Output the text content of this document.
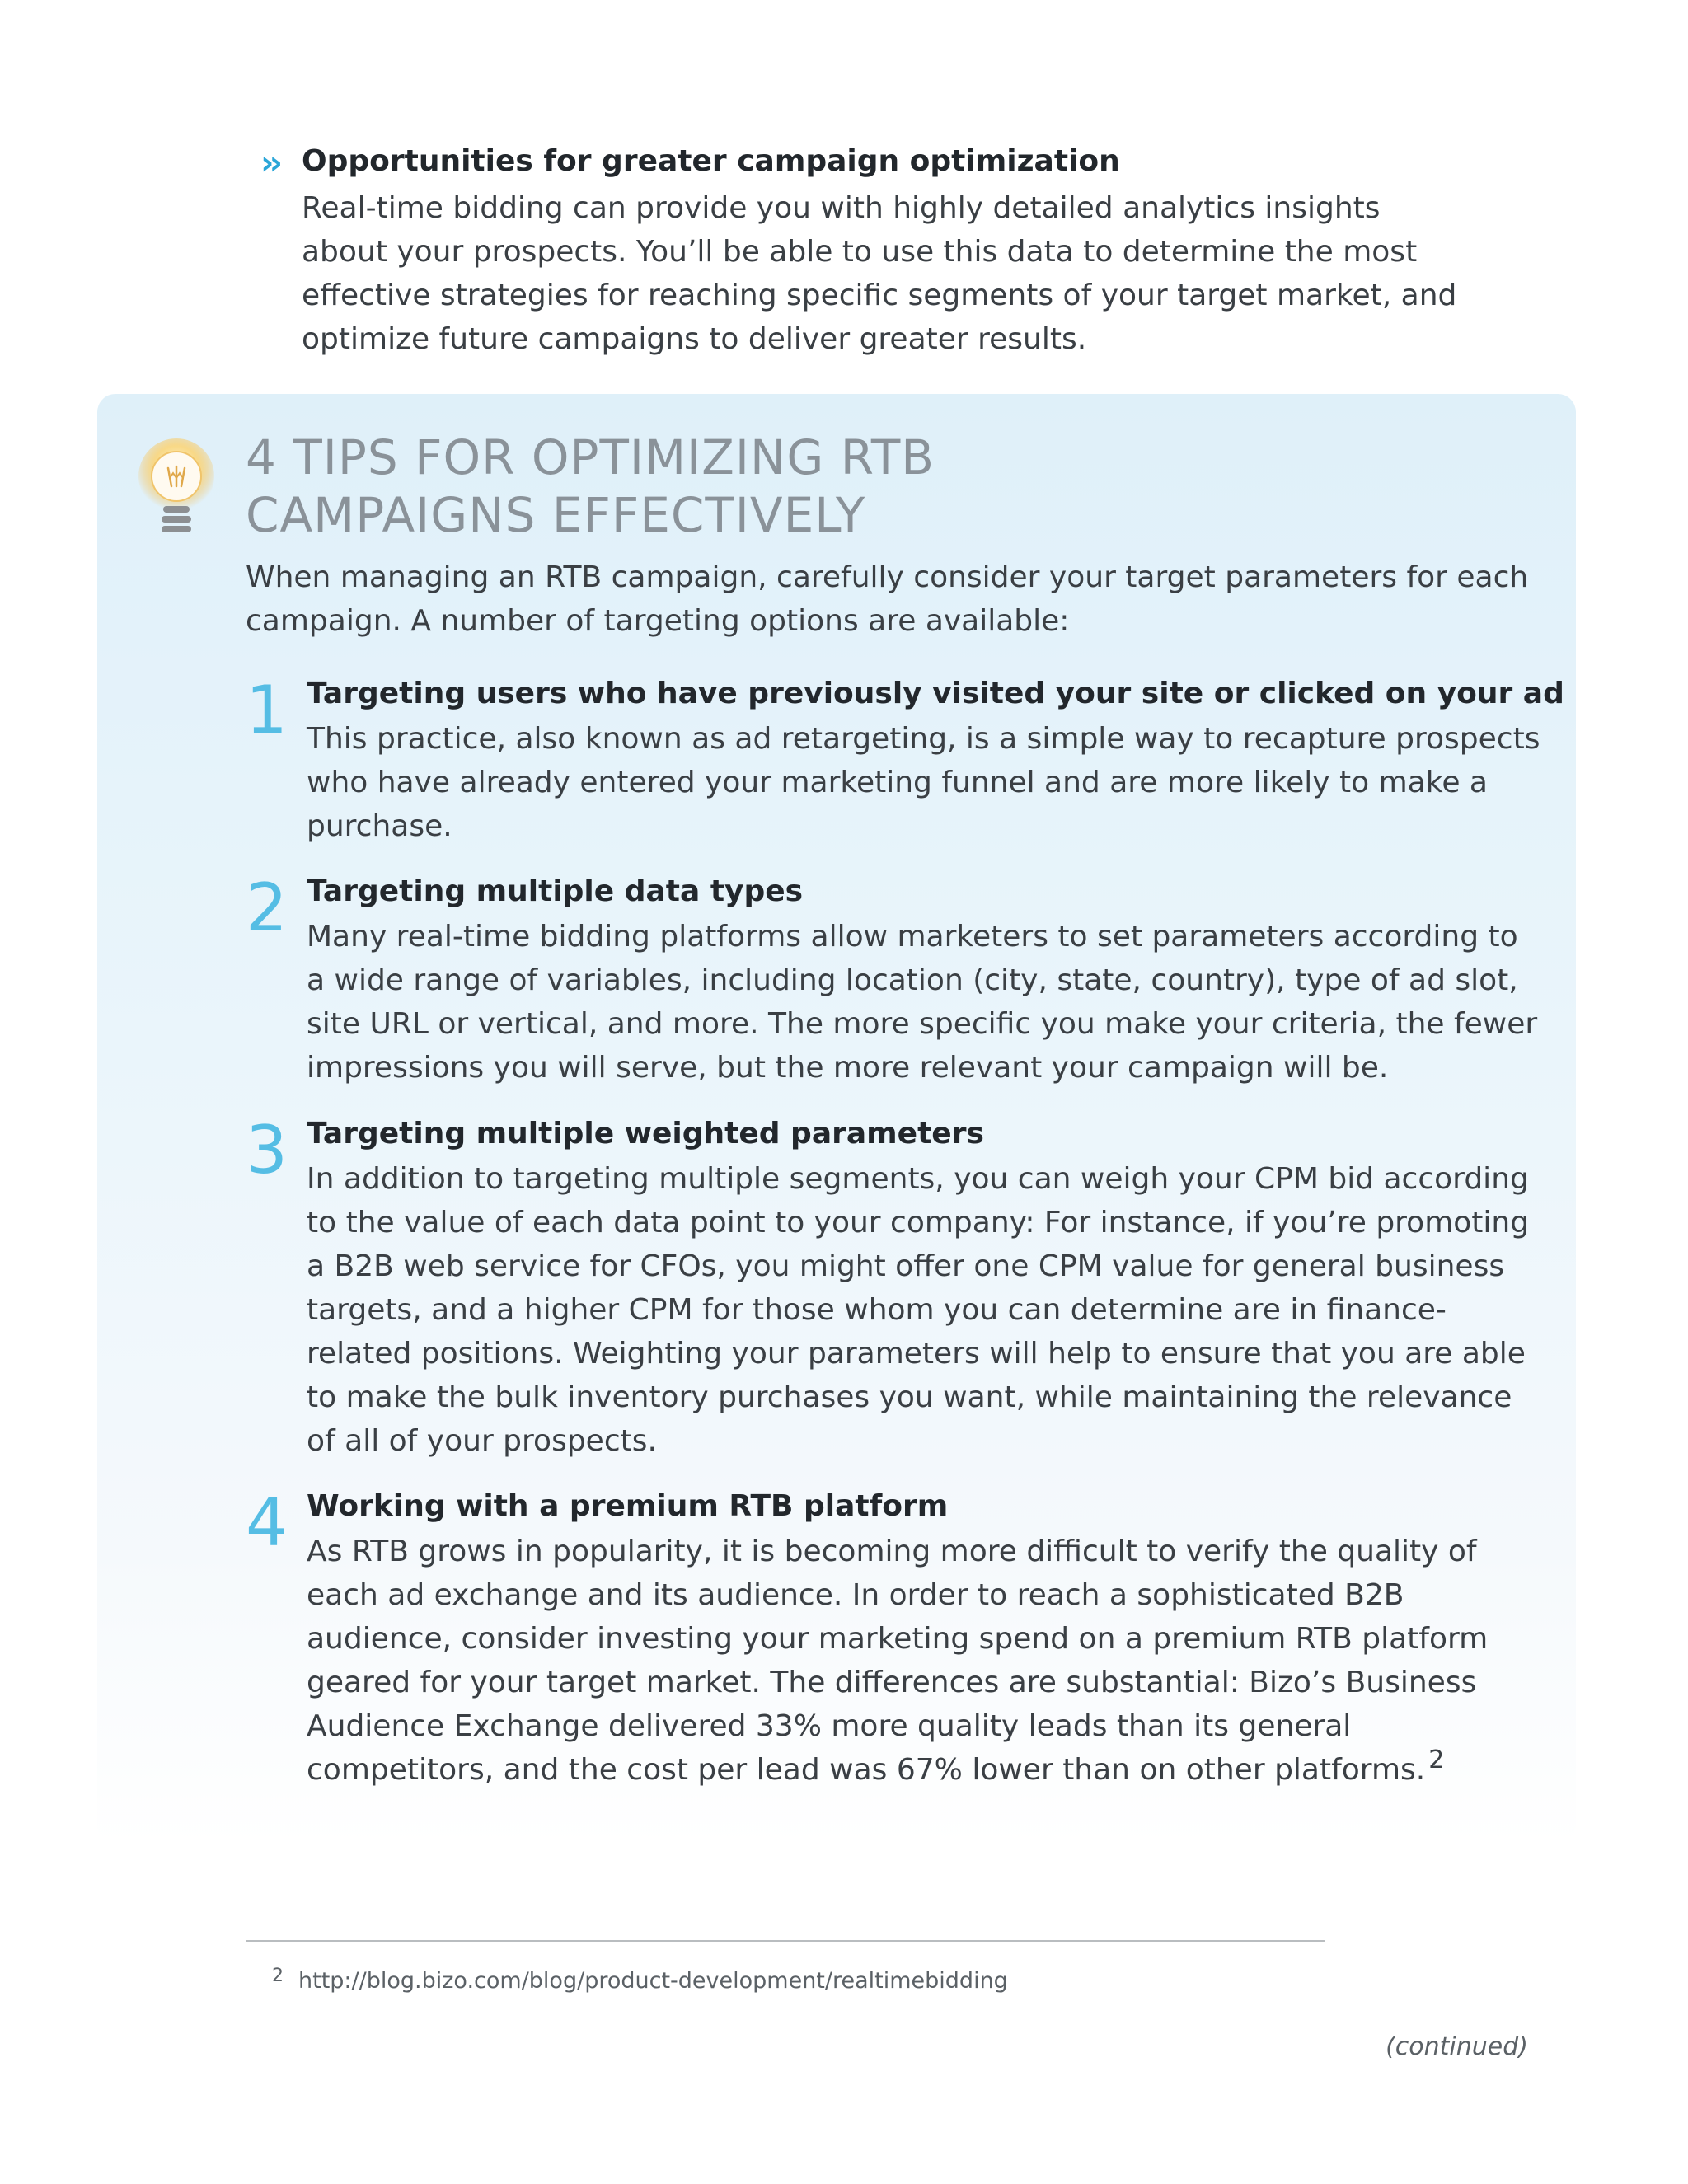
›› Opportunities for greater campaign optimization
Real-time bidding can provide you with highly detailed analytics insights about your prospects. You’ll be able to use this data to determine the most effective strategies for reaching specific segments of your target market, and optimize future campaigns to deliver greater results.
4 TIPS FOR OPTIMIZING RTB
CAMPAIGNS EFFECTIVELY
When managing an RTB campaign, carefully consider your target parameters for each campaign. A number of targeting options are available:
1 Targeting users who have previously visited your site or clicked on your ad
This practice, also known as ad retargeting, is a simple way to recapture prospects who have already entered your marketing funnel and are more likely to make a purchase.
2 Targeting multiple data types
Many real-time bidding platforms allow marketers to set parameters according to a wide range of variables, including location (city, state, country), type of ad slot, site URL or vertical, and more. The more specific you make your criteria, the fewer impressions you will serve, but the more relevant your campaign will be.
3 Targeting multiple weighted parameters
In addition to targeting multiple segments, you can weigh your CPM bid according to the value of each data point to your company: For instance, if you’re promoting a B2B web service for CFOs, you might offer one CPM value for general business targets, and a higher CPM for those whom you can determine are in finance-related positions. Weighting your parameters will help to ensure that you are able to make the bulk inventory purchases you want, while maintaining the relevance of all of your prospects.
4 Working with a premium RTB platform
As RTB grows in popularity, it is becoming more difficult to verify the quality of each ad exchange and its audience. In order to reach a sophisticated B2B audience, consider investing your marketing spend on a premium RTB platform geared for your target market. The differences are substantial: Bizo’s Business Audience Exchange delivered 33% more quality leads than its general competitors, and the cost per lead was 67% lower than on other platforms. $^2$
2 http://blog.bizo.com/blog/product-development/realtimebidding
(continued)
